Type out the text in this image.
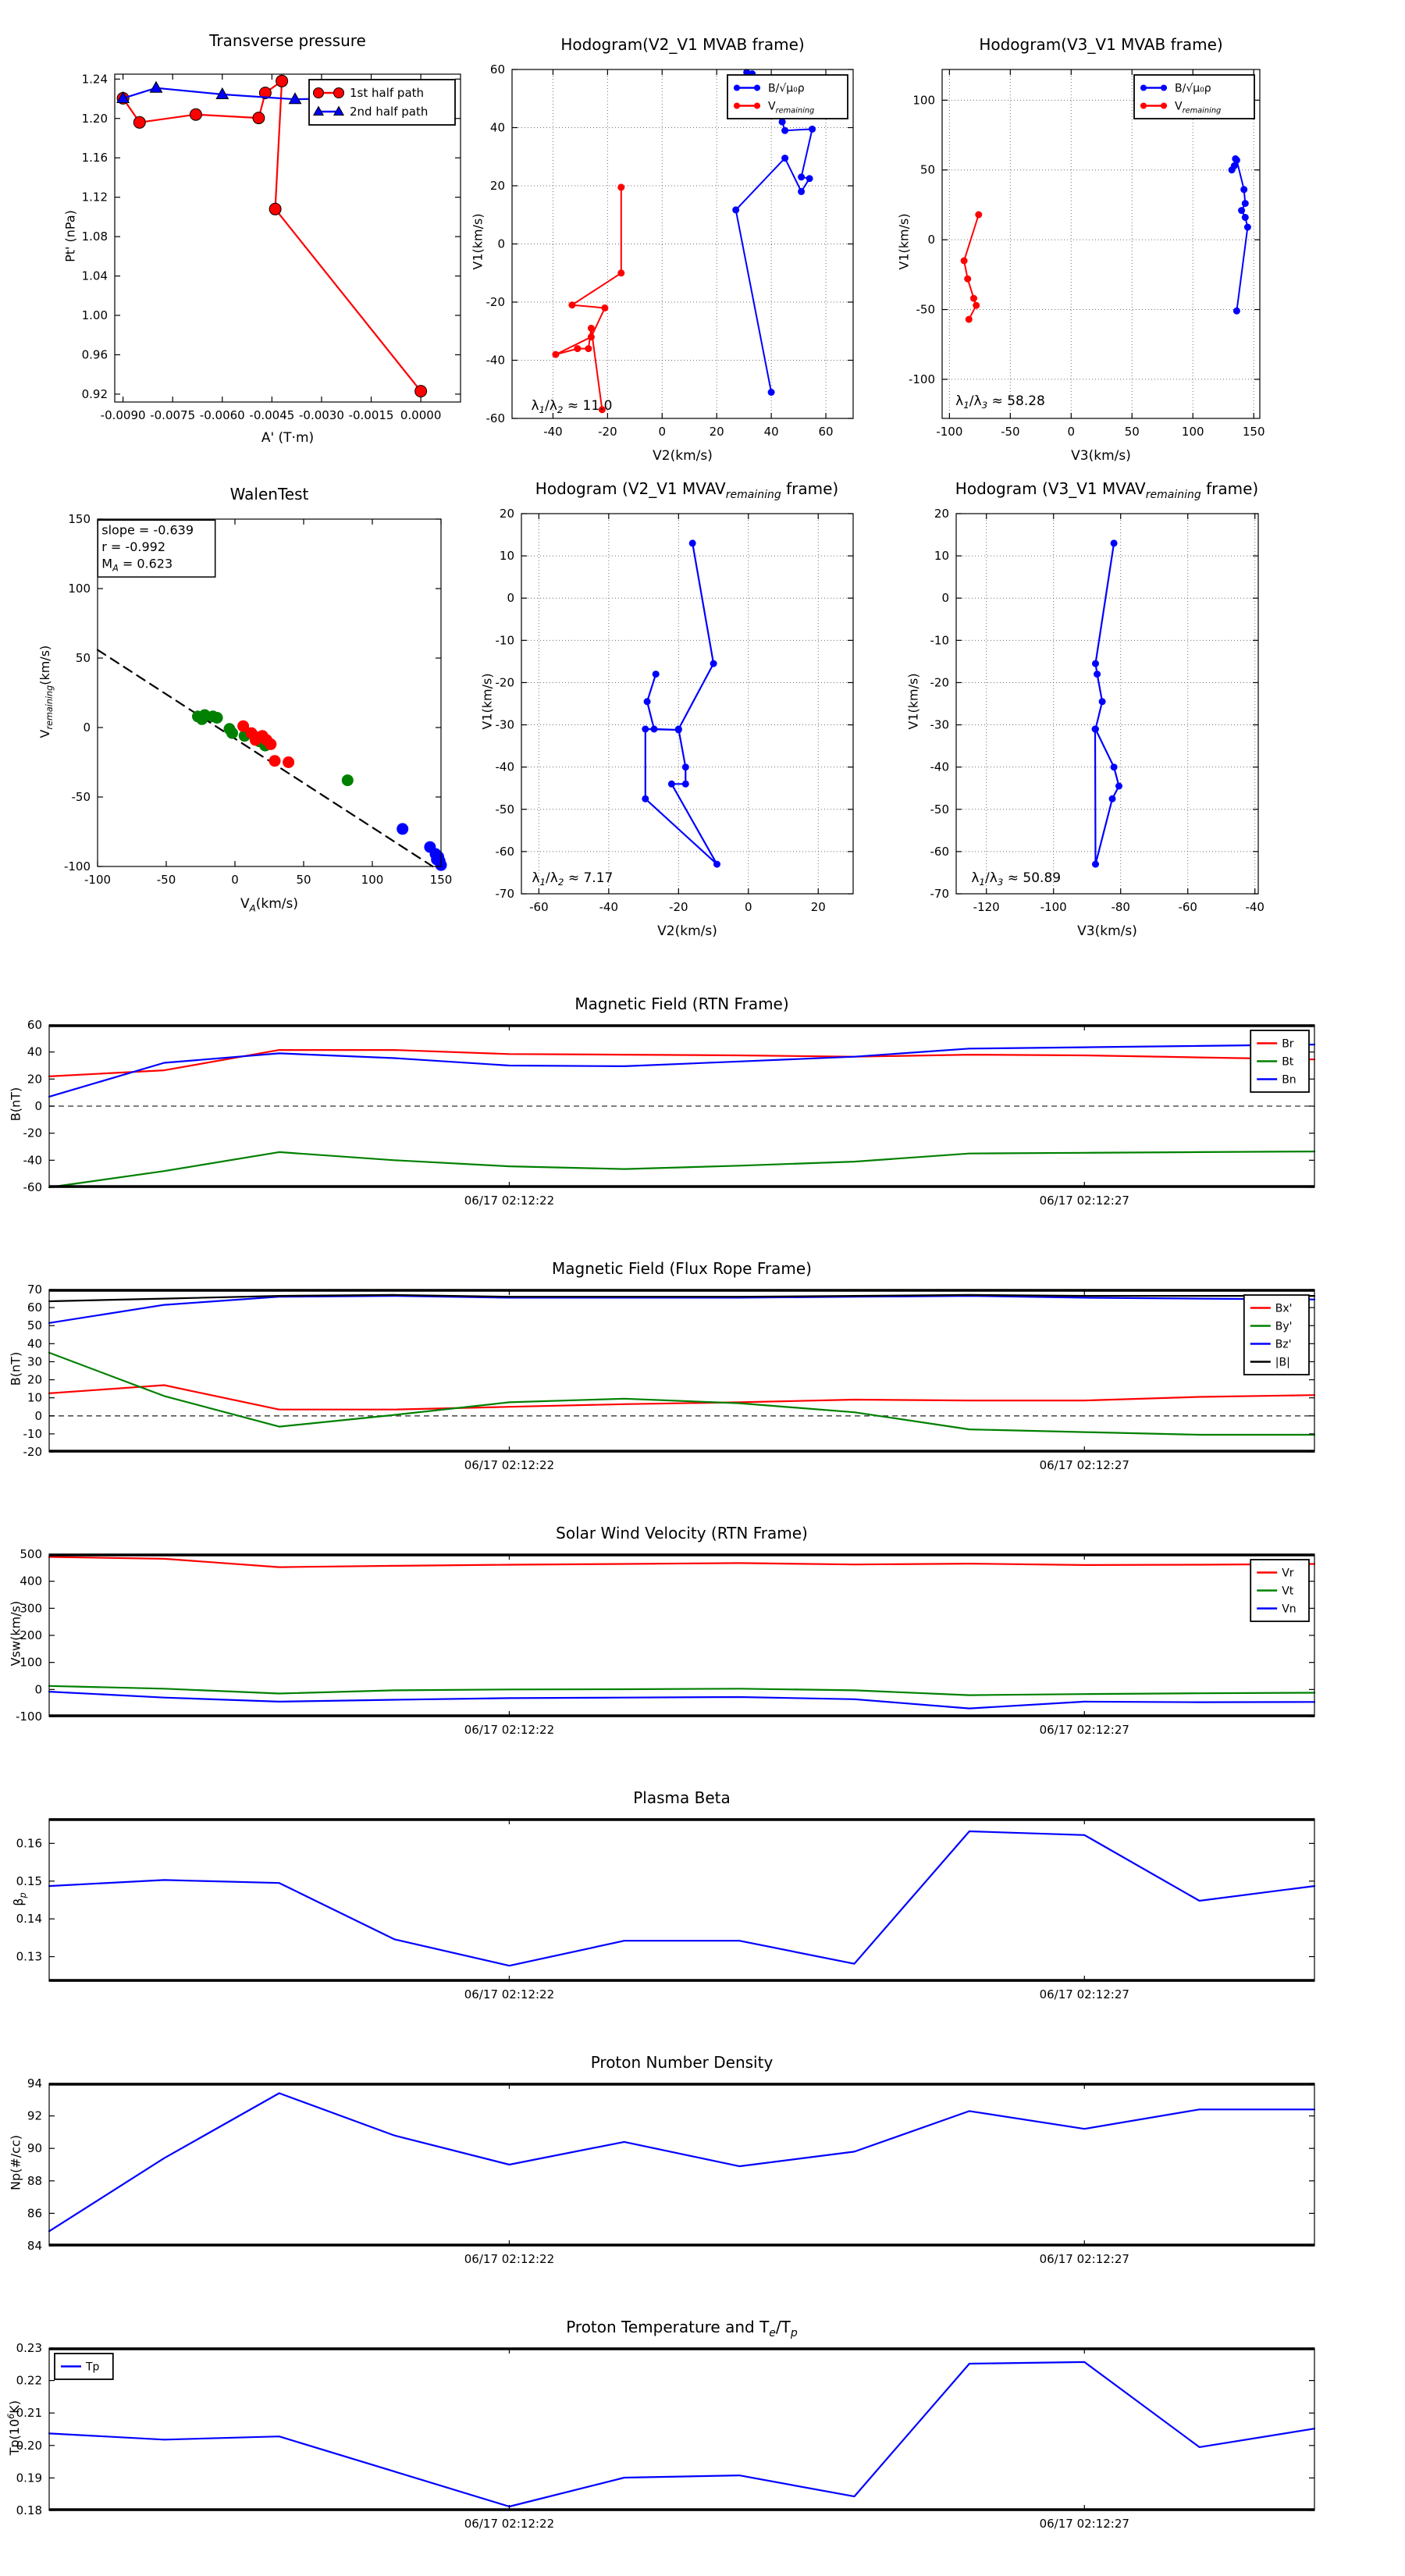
-0.0090 -0.0075 -0.0060 -0.0045 -0.0030 -0.0015 0.0000
0.92
0.96
1.00
1.04
1.08
1.12
1.16
1.20
1.24
1st half path
2nd half path
-40	-20	0	20	40	60
-60
-40
-20
0
20
40
60
$\lambda_1/\lambda_2 \approx 11.0$
B/√μ₀ρ
$V_{remaining}$
-100	-50	0	50	100	150
-100
-50
0
50
100
$\lambda_1/\lambda_3 \approx 58.28$
B/√μ₀ρ
$V_{remaining}$
-100	-50	0	50	100	150
-100
-50
0
50
100
150
slope = -0.639
r = -0.992
$M_A = 0.623$
-60	-40	-20	0	20
-70
-60
-50
-40
-30
-20
-10
0
10
20
$\lambda_1/\lambda_2 \approx 7.17$
-120	-100	-80	-60	-40
-70
-60
-50
-40
-30
-20
-10
0
10
20
$\lambda_1/\lambda_3 \approx 50.89$
06/17 02:12:22	06/17 02:12:27
-60
-40
-20
0
20
40
60
Br
Bt
Bn
06/17 02:12:22	06/17 02:12:27
-20
-10
0
10
20
30
40
50
60
70
Bx'
By'
Bz'
|B|
06/17 02:12:22	06/17 02:12:27
-100
0
100
200
300
400
500
Vr
Vt
Vn
06/17 02:12:22	06/17 02:12:27
0.13
0.14
0.15
0.16
06/17 02:12:22	06/17 02:12:27
84
86
88
90
92
94
06/17 02:12:22	06/17 02:12:27
0.18
0.19
0.20
0.21
0.22
0.23
Tp
Transverse pressure	Hodogram(V2_V1 MVAB frame)	Hodogram(V3_V1 MVAB frame)
WalenTest	Hodogram (V2_V1 $MVAV_{remaining}$ frame)	Hodogram (V3_V1 $MVAV_{remaining}$ frame)
Magnetic Field (RTN Frame)
Magnetic Field (Flux Rope Frame)
Solar Wind Velocity (RTN Frame)
Plasma Beta
Proton Number Density
Proton Temperature and $T_e/T_p$
A' (T·m)
V2(km/s)	V3(km/s)
$V_A(km/s)$
V2(km/s)	V3(km/s)
Pt' (nPa)	V1(km/s)	V1(km/s)
$V_{remaining}(km/s)$
V1(km/s)	V1(km/s)
B(nT)
B(nT)
Vsw(km/s)
$\beta_p$
Np(#/cc)
$Tp(10^6K)$
